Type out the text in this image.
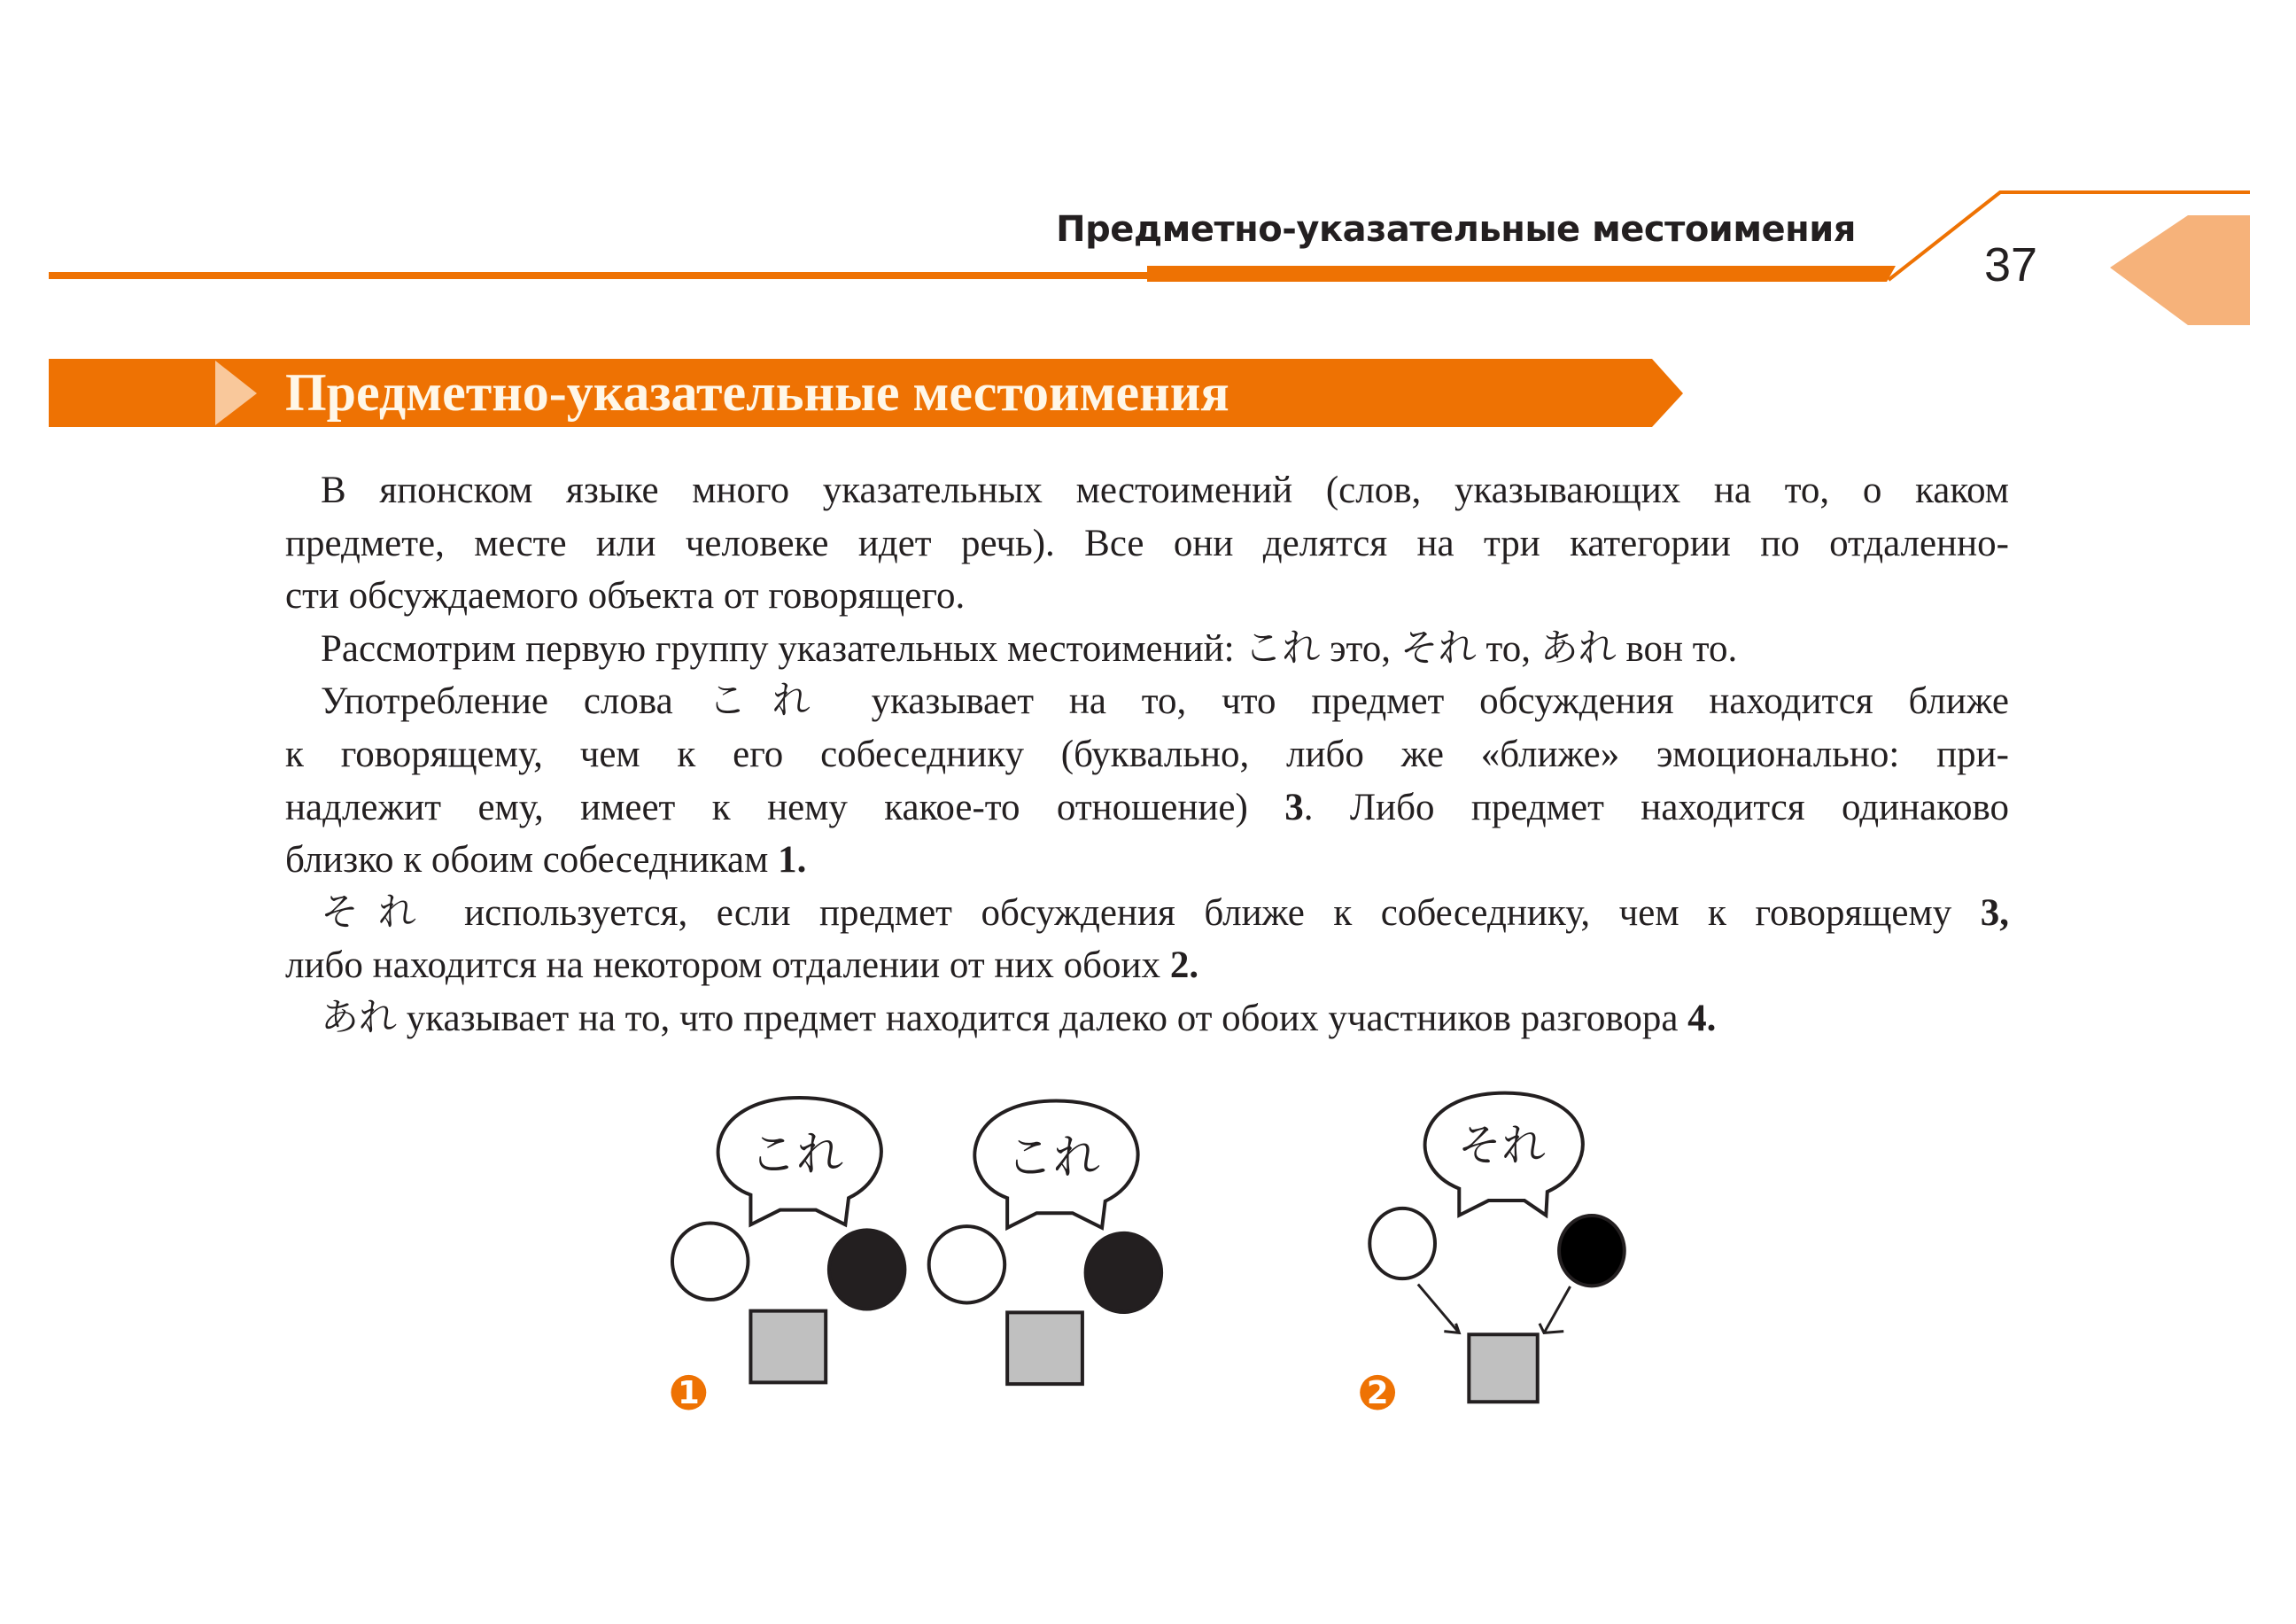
Предметно-указательные местоимения
37
Предметно-указательные местоимения
В японском языке много указательных местоимений (слов, указывающих на то, о каком
предмете, месте или человеке идет речь). Все они делятся на три категории по отдаленно-
сти обсуждаемого объекта от говорящего.
Рассмотрим первую группу указательных местоимений: これ это, それ то, あれ вон то.
Употребление слова これ указывает на то, что предмет обсуждения находится ближе
к говорящему, чем к его собеседнику (буквально, либо же «ближе» эмоционально: при-
надлежит ему, имеет к нему какое-то отношение) 3. Либо предмет находится одинаково
близко к обоим собеседникам 1.
それ используется, если предмет обсуждения ближе к собеседнику, чем к говорящему 3,
либо находится на некотором отдалении от них обоих 2.
あれ указывает на то, что предмет находится далеко от обоих участников разговора 4.
これ これ
1
それ
2
